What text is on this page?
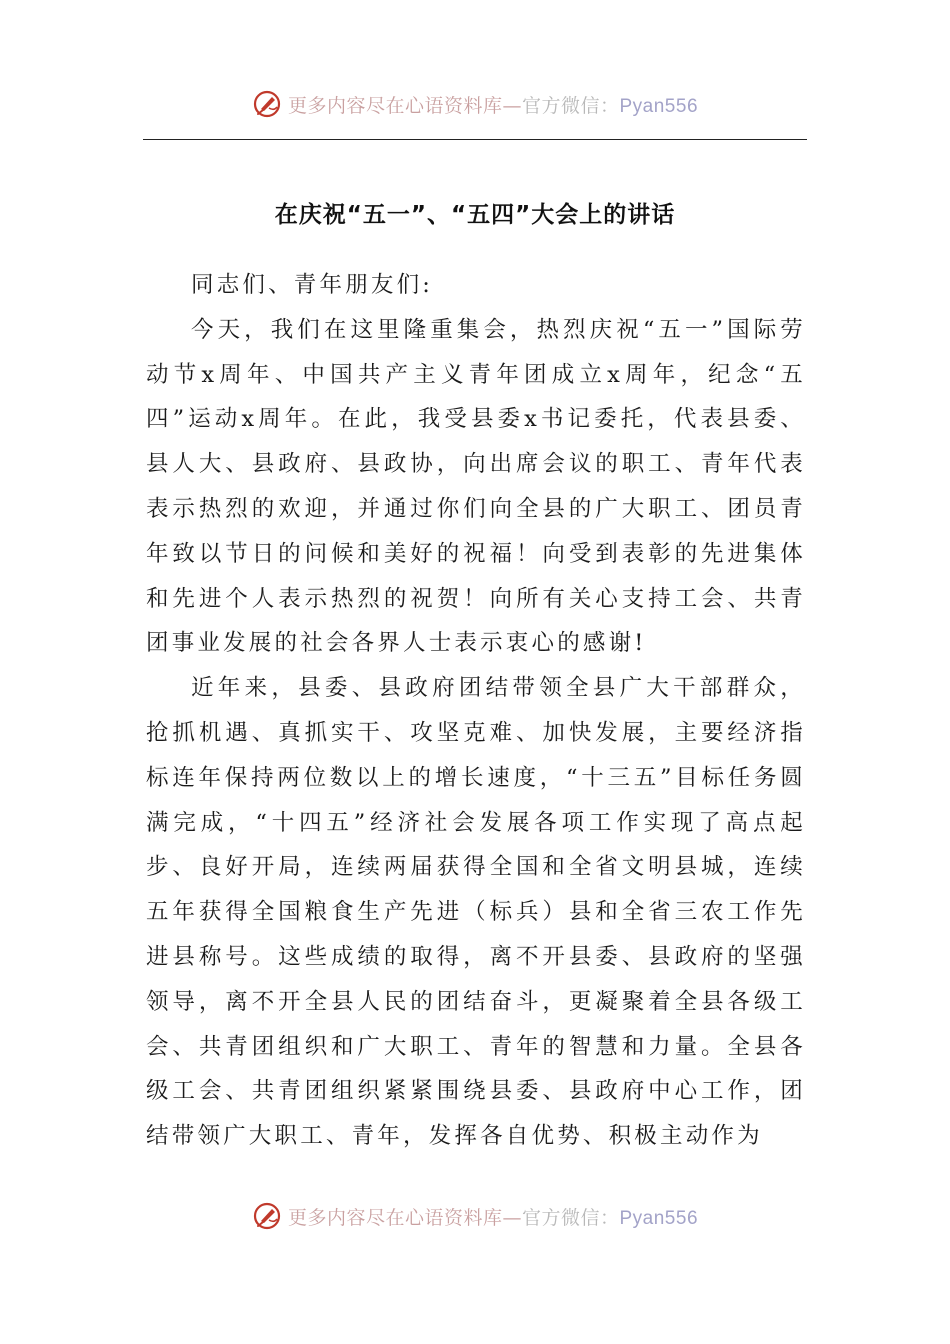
更多内容尽在心语资料库—官方微信：Pyan556
在庆祝“五一”、“五四”大会上的讲话

同志们、青年朋友们:

今天，我们在这里隆重集会，热烈庆祝“五一”国际劳动节x周年、中国共产主义青年团成立x周年，纪念“五四”运动x周年。在此，我受县委x书记委托，代表县委、县人大、县政府、县政协，向出席会议的职工、青年代表表示热烈的欢迎，并通过你们向全县的广大职工、团员青年致以节日的问候和美好的祝福！向受到表彰的先进集体和先进个人表示热烈的祝贺！向所有关心支持工会、共青团事业发展的社会各界人士表示衷心的感谢!

近年来，县委、县政府团结带领全县广大干部群众，抢抓机遇、真抓实干、攻坚克难、加快发展，主要经济指标连年保持两位数以上的增长速度，“十三五”目标任务圆满完成，“十四五”经济社会发展各项工作实现了高点起步、良好开局，连续两届获得全国和全省文明县城，连续五年获得全国粮食生产先进（标兵）县和全省三农工作先进县称号。这些成绩的取得，离不开县委、县政府的坚强领导，离不开全县人民的团结奋斗，更凝聚着全县各级工会、共青团组织和广大职工、青年的智慧和力量。全县各级工会、共青团组织紧紧围绕县委、县政府中心工作，团结带领广大职工、青年，发挥各自优势、积极主动作为

更多内容尽在心语资料库—官方微信：Pyan556
